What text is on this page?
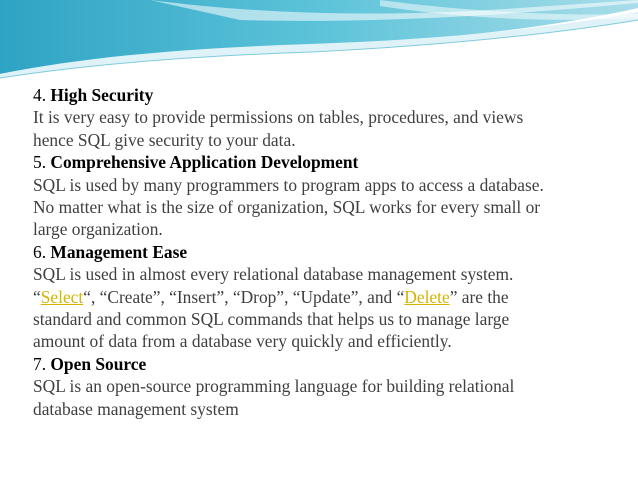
4. High Security
It is very easy to provide permissions on tables, procedures, and views
hence SQL give security to your data.
5. Comprehensive Application Development
SQL is used by many programmers to program apps to access a database.
No matter what is the size of organization, SQL works for every small or
large organization.
6. Management Ease
SQL is used in almost every relational database management system.
“Select“, “Create”, “Insert”, “Drop”, “Update”, and “Delete” are the
standard and common SQL commands that helps us to manage large
amount of data from a database very quickly and efficiently.
7. Open Source
SQL is an open-source programming language for building relational
database management system
